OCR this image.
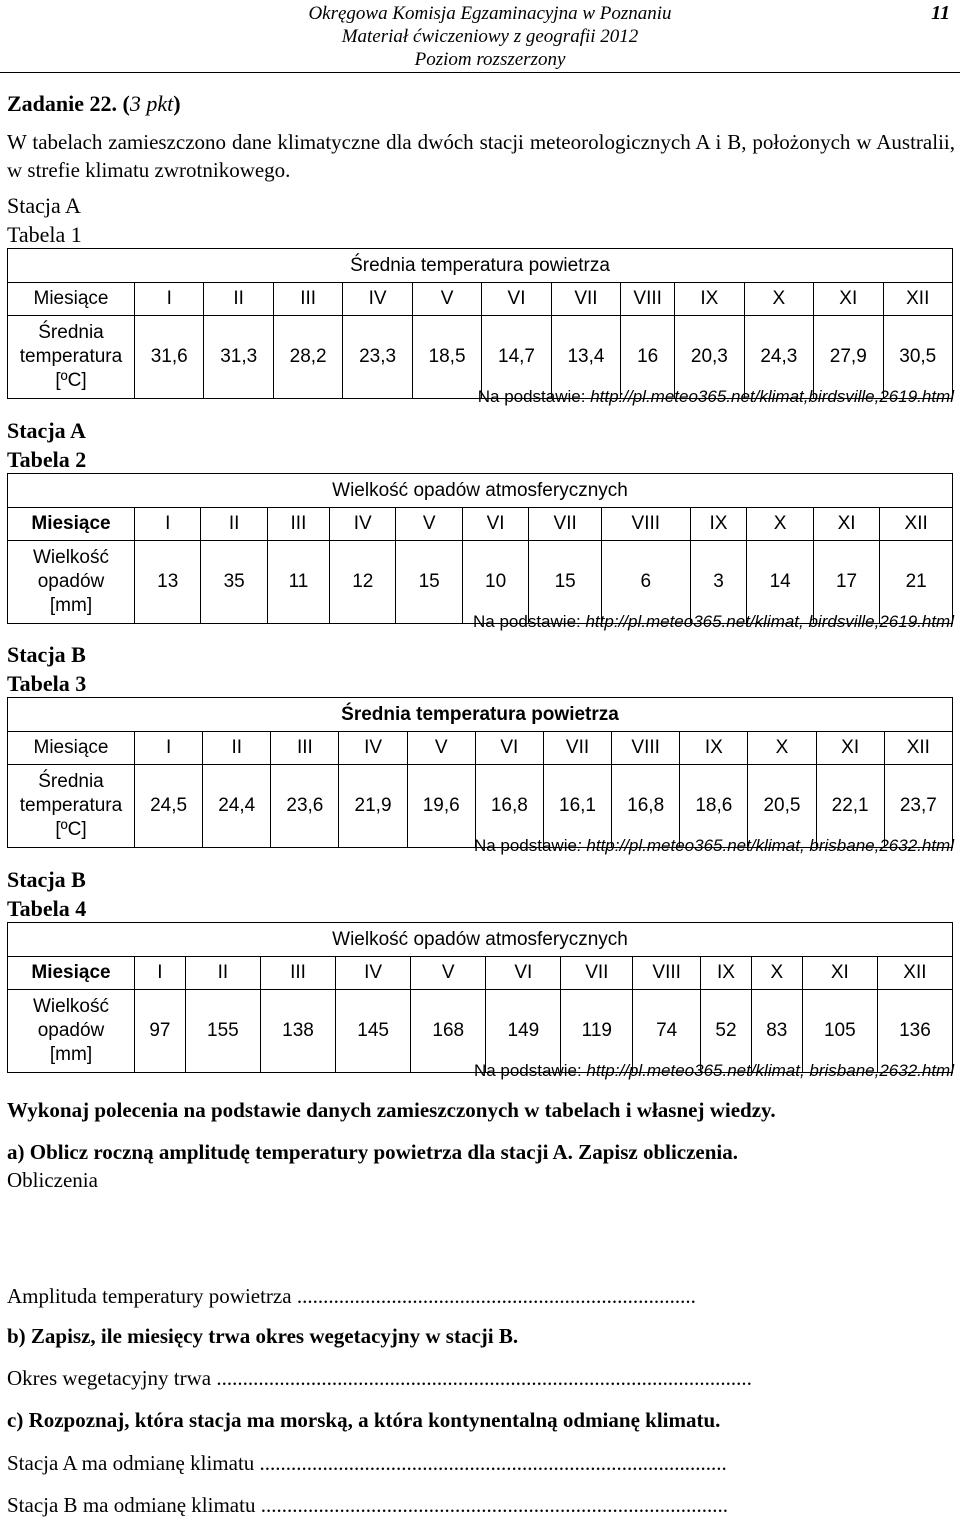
Okręgowa Komisja Egzaminacyjna w Poznaniu
Materiał ćwiczeniowy z geografii 2012
Poziom rozszerzony
11
Zadanie 22. (3 pkt)
W tabelach zamieszczono dane klimatyczne dla dwóch stacji meteorologicznych A i B, położonych w Australii, w strefie klimatu zwrotnikowego.
Stacja A
Tabela 1
Średnia temperatura powietrza												
Miesiące	I	II	III	IV	V	VI	VII	VIII	IX	X	XI	XII

Średnia
temperatura
[ºC]	31,6	31,3	28,2	23,3	18,5	14,7	13,4	16	20,3	24,3	27,9	30,5
Na podstawie: http://pl.meteo365.net/klimat,birdsville,2619.html
Stacja A
Tabela 2
Wielkość opadów atmosferycznych												
Miesiące	I	II	III	IV	V	VI	VII	VIII	IX	X	XI	XII

Wielkość
opadów
[mm]	13	35	11	12	15	10	15	6	3	14	17	21
Na podstawie: http://pl.meteo365.net/klimat, birdsville,2619.html
Stacja B
Tabela 3
Średnia temperatura powietrza												
Miesiące	I	II	III	IV	V	VI	VII	VIII	IX	X	XI	XII

Średnia
temperatura
[ºC]	24,5	24,4	23,6	21,9	19,6	16,8	16,1	16,8	18,6	20,5	22,1	23,7
Na podstawie: http://pl.meteo365.net/klimat, brisbane,2632.html
Stacja B
Tabela 4
Wielkość opadów atmosferycznych												
Miesiące	I	II	III	IV	V	VI	VII	VIII	IX	X	XI	XII

Wielkość
opadów
[mm]	97	155	138	145	168	149	119	74	52	83	105	136
Na podstawie: http://pl.meteo365.net/klimat, brisbane,2632.html
Wykonaj polecenia na podstawie danych zamieszczonych w tabelach i własnej wiedzy.
a) Oblicz roczną amplitudę temperatury powietrza dla stacji A. Zapisz obliczenia.
Obliczenia
Amplituda temperatury powietrza ............................................................................
b) Zapisz, ile miesięcy trwa okres wegetacyjny w stacji B.
Okres wegetacyjny trwa ......................................................................................................
c) Rozpoznaj, która stacja ma morską, a która kontynentalną odmianę klimatu.
Stacja A ma odmianę klimatu .........................................................................................
Stacja B ma odmianę klimatu .........................................................................................
